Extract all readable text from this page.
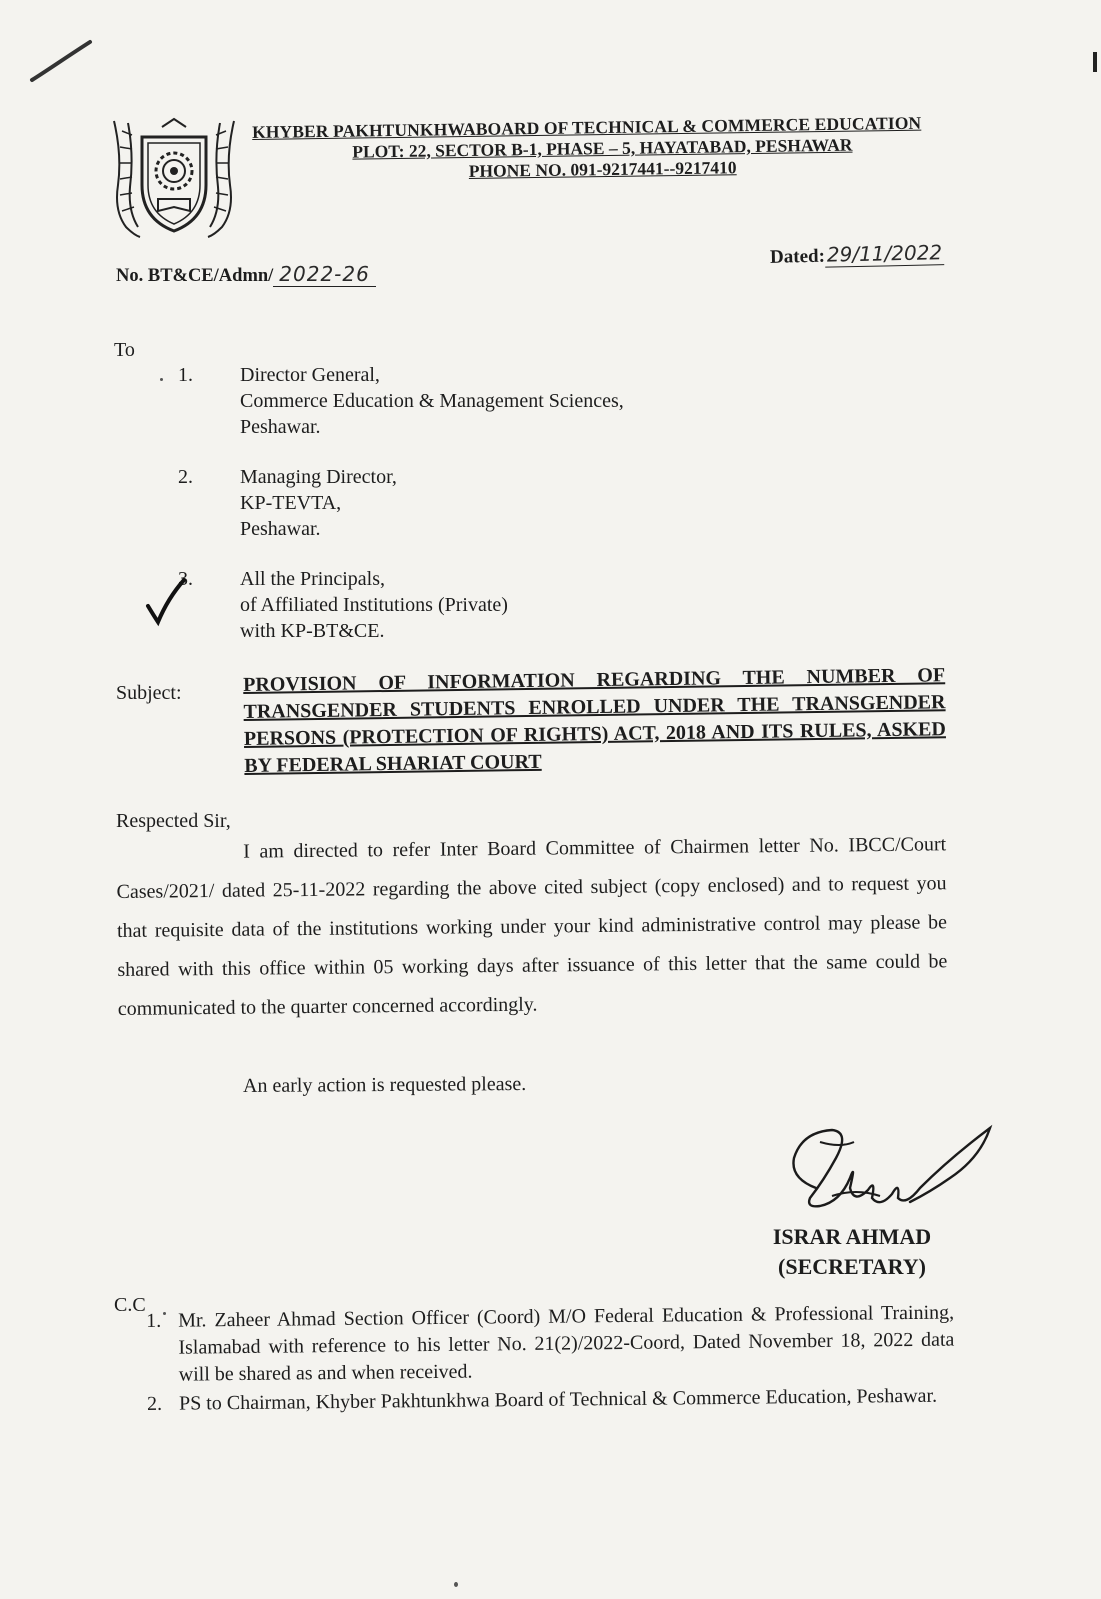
KHYBER PAKHTUNKHWABOARD OF TECHNICAL & COMMERCE EDUCATION
PLOT: 22, SECTOR B-1, PHASE – 5, HAYATABAD, PESHAWAR
PHONE NO. 091-9217441--9217410
No. BT&CE/Admn/ 2022-26
Dated:29/11/2022
To
1. Director General,
Commerce Education & Management Sciences,
Peshawar.
2. Managing Director,
KP-TEVTA,
Peshawar.
3. All the Principals,
of Affiliated Institutions (Private)
with KP-BT&CE.
Subject:	PROVISION OF INFORMATION REGARDING THE NUMBER OF TRANSGENDER STUDENTS ENROLLED UNDER THE TRANSGENDER PERSONS (PROTECTION OF RIGHTS) ACT, 2018 AND ITS RULES, ASKED BY FEDERAL SHARIAT COURT
Respected Sir,
I am directed to refer Inter Board Committee of Chairmen letter No. IBCC/Court Cases/2021/ dated 25-11-2022 regarding the above cited subject (copy enclosed) and to request you that requisite data of the institutions working under your kind administrative control may please be shared with this office within 05 working days after issuance of this letter that the same could be communicated to the quarter concerned accordingly.
An early action is requested please.
ISRAR AHMAD
(SECRETARY)
C.C
1. Mr. Zaheer Ahmad Section Officer (Coord) M/O Federal Education & Professional Training, Islamabad with reference to his letter No. 21(2)/2022-Coord, Dated November 18, 2022 data will be shared as and when received.
2. PS to Chairman, Khyber Pakhtunkhwa Board of Technical & Commerce Education, Peshawar.
